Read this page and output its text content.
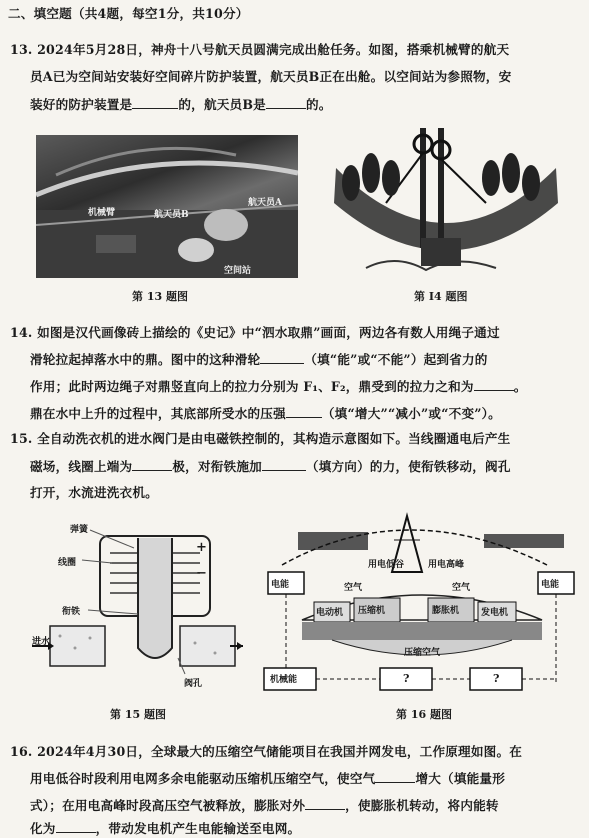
二、填空题（共4题，每空1分，共10分）
13. 2024年5月28日，神舟十八号航天员圆满完成出舱任务。如图，搭乘机械臂的航天
员A已为空间站安装好空间碎片防护装置，航天员B正在出舱。以空间站为参照物，安
装好的防护装置是	的，航天员B是	的。
机械臂	航天员B
航天员A
空间站
第 13 题图	第 I4 题图
14. 如图是汉代画像砖上描绘的《史记》中“泗水取鼎”画面，两边各有数人用绳子通过
滑轮拉起掉落水中的鼎。图中的这种滑轮	（填“能”或“不能”）起到省力的
作用；此时两边绳子对鼎竖直向上的拉力分别为 F₁、F₂，鼎受到的拉力之和为	。
鼎在水中上升的过程中，其底部所受水的压强	（填“增大”“减小”或“不变”）。
15. 全自动洗衣机的进水阀门是由电磁铁控制的，其构造示意图如下。当线圈通电后产生
磁场，线圈上端为	极，对衔铁施加	（填方向）的力，使衔铁移动，阀孔
打开，水流进洗衣机。
弹簧
线圈
衔铁
进水
阀孔
+
−
电能	电能
用电低谷	用电高峰
空气	空气
电动机 压缩机	膨胀机 发电机
压缩空气
机械能	?	?
第 15 题图	第 16 题图
16. 2024年4月30日，全球最大的压缩空气储能项目在我国并网发电，工作原理如图。在
用电低谷时段利用电网多余电能驱动压缩机压缩空气，使空气	增大（填能量形
式）；在用电高峰时段高压空气被释放，膨胀对外	，使膨胀机转动，将内能转
化为	，带动发电机产生电能输送至电网。
